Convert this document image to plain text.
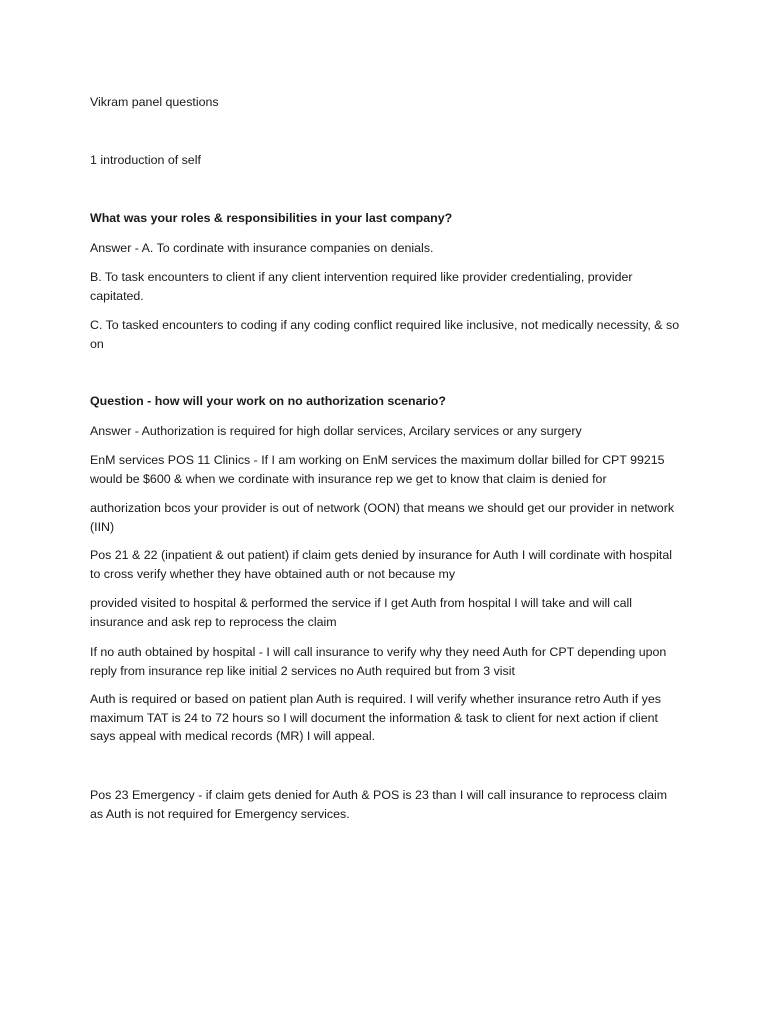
Vikram panel questions
1 introduction of self
What was your roles & responsibilities in your last company?
Answer - A. To cordinate with insurance companies on denials.
B. To task encounters to client if any client intervention required like provider credentialing, provider capitated.
C. To tasked encounters to coding if any coding conflict required like inclusive, not medically necessity, & so on
Question - how will your work on no authorization scenario?
Answer - Authorization is required for high dollar services, Arcilary services or any surgery
EnM services POS 11 Clinics - If I am working on EnM services the maximum dollar billed for CPT 99215 would be $600 & when we cordinate with insurance rep we get to know that claim is denied for
authorization bcos your provider is out of network (OON) that means we should get our provider in network (IIN)
Pos 21 & 22 (inpatient & out patient) if claim gets denied by insurance for Auth I will cordinate with hospital to cross verify whether they have obtained auth or not because my
provided visited to hospital & performed the service if I get Auth from hospital I will take and will call insurance and ask rep to reprocess the claim
If no auth obtained by hospital - I will call insurance to verify why they need Auth for CPT depending upon reply from insurance rep like initial 2 services no Auth required but from 3 visit
Auth is required or based on patient plan Auth is required. I will verify whether insurance retro Auth if yes maximum TAT is 24 to 72 hours so I will document the information & task to client for next action if client says appeal with medical records (MR) I will appeal.
Pos 23 Emergency - if claim gets denied for Auth & POS is 23 than I will call insurance to reprocess claim as Auth is not required for Emergency services.
